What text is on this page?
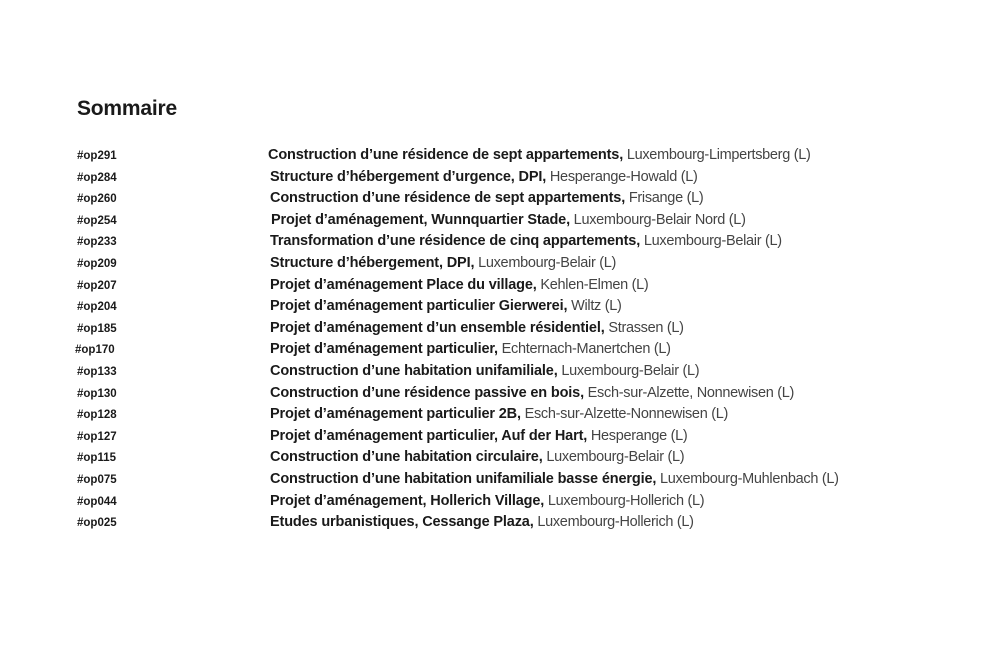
Sommaire
#op291	Construction d’une résidence de sept appartements, Luxembourg-Limpertsberg (L)
#op284	Structure d’hébergement d’urgence, DPI, Hesperange-Howald (L)
#op260	Construction d’une résidence de sept appartements, Frisange (L)
#op254	Projet d’aménagement, Wunnquartier Stade, Luxembourg-Belair Nord (L)
#op233	Transformation d’une résidence de cinq appartements, Luxembourg-Belair (L)
#op209	Structure d’hébergement, DPI, Luxembourg-Belair (L)
#op207	Projet d’aménagement Place du village, Kehlen-Elmen (L)
#op204	Projet d’aménagement particulier Gierwerei, Wiltz (L)
#op185	Projet d’aménagement d’un ensemble résidentiel, Strassen (L)
#op170	Projet d’aménagement particulier, Echternach-Manertchen (L)
#op133	Construction d’une habitation unifamiliale, Luxembourg-Belair (L)
#op130	Construction d’une résidence passive en bois, Esch-sur-Alzette, Nonnewisen (L)
#op128	Projet d’aménagement particulier 2B, Esch-sur-Alzette-Nonnewisen (L)
#op127	Projet d’aménagement particulier, Auf der Hart, Hesperange (L)
#op115	Construction d’une habitation circulaire, Luxembourg-Belair (L)
#op075	Construction d’une habitation unifamiliale basse énergie, Luxembourg-Muhlenbach (L)
#op044	Projet d’aménagement, Hollerich Village, Luxembourg-Hollerich (L)
#op025	Etudes urbanistiques, Cessange Plaza, Luxembourg-Hollerich (L)
